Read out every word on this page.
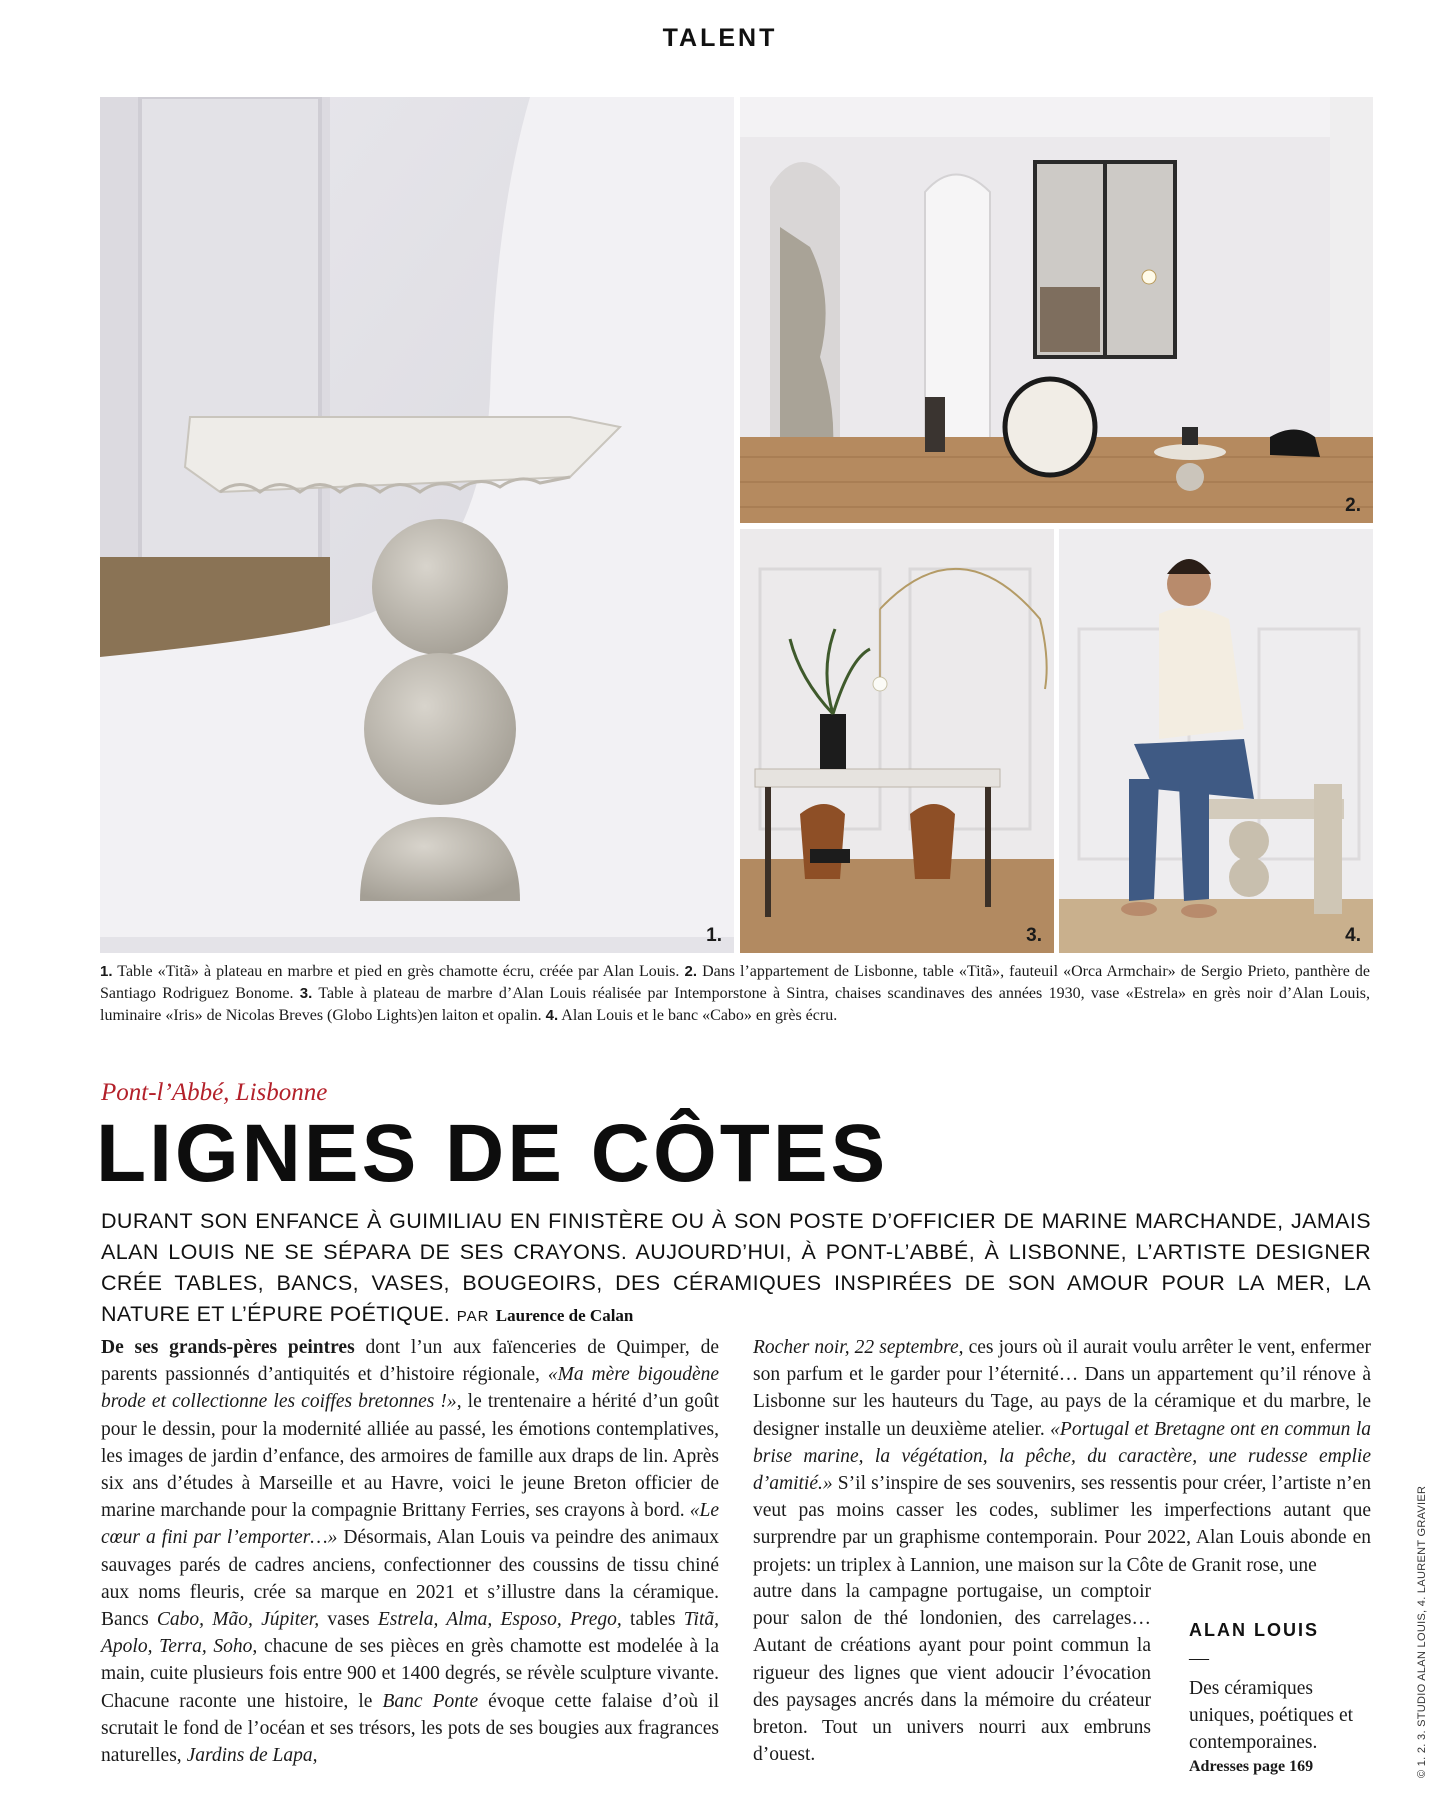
TALENT
1.
2.
3.	4.
1. Table «Titã» à plateau en marbre et pied en grès chamotte écru, créée par Alan Louis. 2. Dans l’appartement de Lisbonne, table «Titã», fauteuil «Orca Armchair» de Sergio Prieto, panthère de Santiago Rodriguez Bonome. 3. Table à plateau de marbre d’Alan Louis réalisée par Intemporstone à Sintra, chaises scandinaves des années 1930, vase «Estrela» en grès noir d’Alan Louis, luminaire «Iris» de Nicolas Breves (Globo Lights)en laiton et opalin. 4. Alan Louis et le banc «Cabo» en grès écru.
Pont-l’Abbé, Lisbonne
LIGNES DE CÔTES
DURANT SON ENFANCE À GUIMILIAU EN FINISTÈRE OU À SON POSTE D’OFFICIER DE MARINE MARCHANDE, JAMAIS ALAN LOUIS NE SE SÉPARA DE SES CRAYONS. AUJOURD’HUI, À PONT-L’ABBÉ, À LISBONNE, L’ARTISTE DESIGNER CRÉE TABLES, BANCS, VASES, BOUGEOIRS, DES CÉRAMIQUES INSPIRÉES DE SON AMOUR POUR LA MER, LA NATURE ET L’ÉPURE POÉTIQUE. PAR Laurence de Calan
De ses grands-pères peintres dont l’un aux faïenceries de Quimper, de parents passionnés d’antiquités et d’histoire régionale, «Ma mère bigoudène brode et collectionne les coiffes bretonnes !», le trentenaire a hérité d’un goût pour le dessin, pour la modernité alliée au passé, les émotions contemplatives, les images de jardin d’enfance, des armoires de famille aux draps de lin. Après six ans d’études à Marseille et au Havre, voici le jeune Breton officier de marine marchande pour la compagnie Brittany Ferries, ses crayons à bord. «Le cœur a fini par l’emporter…» Désormais, Alan Louis va peindre des animaux sauvages parés de cadres anciens, confectionner des coussins de tissu chiné aux noms fleuris, crée sa marque en 2021 et s’illustre dans la céramique. Bancs Cabo, Mão, Júpiter, vases Estrela, Alma, Esposo, Prego, tables Titã, Apolo, Terra, Soho, chacune de ses pièces en grès chamotte est modelée à la main, cuite plusieurs fois entre 900 et 1400 degrés, se révèle sculpture vivante. Chacune raconte une histoire, le Banc Ponte évoque cette falaise d’où il scrutait le fond de l’océan et ses trésors, les pots de ses bougies aux fragrances naturelles, Jardins de Lapa,
Rocher noir, 22 septembre, ces jours où il aurait voulu arrêter le vent, enfermer son parfum et le garder pour l’éternité… Dans un appartement qu’il rénove à Lisbonne sur les hauteurs du Tage, au pays de la céramique et du marbre, le designer installe un deuxième atelier. «Portugal et Bretagne ont en commun la brise marine, la végétation, la pêche, du caractère, une rudesse emplie d’amitié.» S’il s’inspire de ses souvenirs, ses ressentis pour créer, l’artiste n’en veut pas moins casser les codes, sublimer les imperfections autant que surprendre par un graphisme contemporain. Pour 2022, Alan Louis abonde en projets: un triplex à Lannion, une maison sur la Côte de Granit rose, une
autre dans la campagne portugaise, un comptoir pour salon de thé londonien, des carrelages… Autant de créations ayant pour point commun la rigueur des lignes que vient adoucir l’évocation des paysages ancrés dans la mémoire du créateur breton. Tout un univers nourri aux embruns d’ouest.
ALAN LOUIS
—
Des céramiques uniques, poétiques et contemporaines.
Adresses page 169	© 1. 2. 3. STUDIO ALAN LOUIS, 4. LAURENT GRAVIER
